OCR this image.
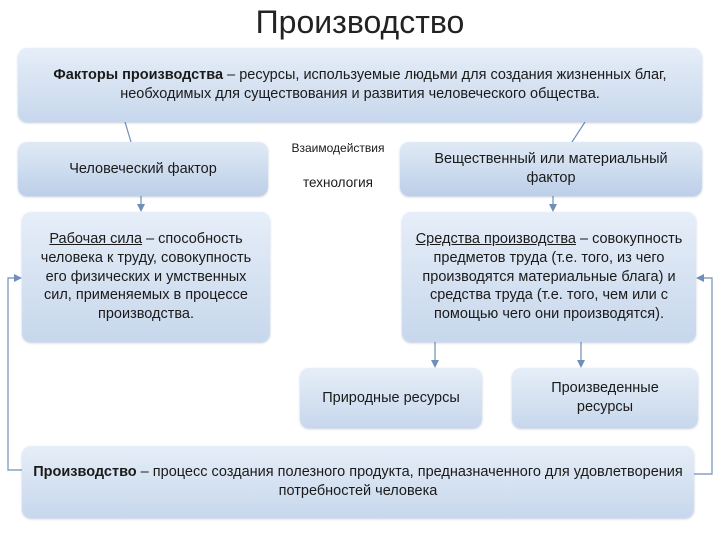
Производство
Факторы производства – ресурсы, используемые людьми для создания жизненных благ, необходимых для существования и развития человеческого общества.
Человеческий фактор
Взаимодействия
технология
Вещественный или материальный фактор
Рабочая сила – способность человека к труду, совокупность его физических и умственных сил, применяемых в процессе производства.
Средства производства – совокупность предметов труда (т.е. того, из чего производятся материальные блага) и средства труда (т.е. того, чем или с помощью чего они производятся).
Природные ресурсы
Произведенные ресурсы
Производство – процесс создания полезного продукта, предназначенного для удовлетворения потребностей человека
